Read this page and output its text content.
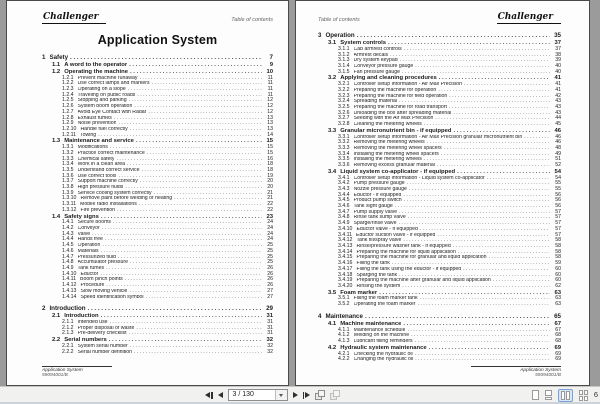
Challenger	Table of contents
Application System
1 Safety . . .	7
1.1 A word to the operator . . .	9
1.2 Operating the machine . . .	10
1.2.1 Prevent machine runaway . . .	11
1.2.2 Use correct lamps and markers . . .	11
1.2.3 Operating on a slope . . .	11
1.2.4 Traveling on public roads . . .	11
1.2.5 Stopping and parking . . .	12
1.2.6 System boom operation . . .	12
1.2.7 Avoid Eye Contact with Radar . . .	12
1.2.8 Exhaust fumes . . .	13
1.2.9 Noise prevention . . .	13
1.2.10 Handle fuel correctly . . .	13
1.2.11 Towing . . .	14
1.3 Maintenance and service . . .	15
1.3.1 Modifications . . .	15
1.3.2 Practice correct maintenance . . .	15
1.3.3 Chemical safety . . .	16
1.3.4 Work in a clean area . . .	18
1.3.5 Understand correct service . . .	18
1.3.6 Use correct tools . . .	19
1.3.7 Support machine correctly . . .	20
1.3.8 High pressure fluids . . .	20
1.3.9 Service cooling system correctly . . .	21
1.3.10 Remove paint before welding or heating . . .	21
1.3.11 Mobile radio installations . . .	22
1.3.12 Fire prevention . . .	22
1.4 Safety signs . . .	23
1.4.1 Secure booms . . .	24
1.4.2 Conveyor . . .	24
1.4.3 Valve . . .	24
1.4.4 Hands free . . .	24
1.4.5 Operation . . .	25
1.4.6 Materials . . .	25
1.4.7 Pressurized fluid . . .	25
1.4.8 Accumulator pressure . . .	25
1.4.9 Tank fumes . . .	26
1.4.10 Eductor . . .	26
1.4.11 Boom pinch points . . .	26
1.4.12 Procedure . . .	26
1.4.13 Slow moving vehicle . . .	27
1.4.14 Speed identification symbol . . .	27
2 Introduction . . .	29
2.1 Introduction . . .	31
2.1.1 Intended use . . .	31
2.1.2 Proper disposal of waste . . .	31
2.1.3 Pre-delivery checklist . . .	31
2.2 Serial numbers . . .	32
2.2.1 System serial number . . .	32
2.2.2 Serial number definition . . .	32
Application System
59094001/B
Table of contents	Challenger
3 Operation . . .	35
3.1 System controls . . .	37
3.1.1 Cab armrest controls . . .	37
3.1.2 Armrest decals . . .	38
3.1.3 Dry system keypad . . .	39
3.1.4 Conveyor pressure gauge . . .	40
3.1.5 Fan pressure gauge . . .	40
3.2 Applying and cleaning procedures . . .	41
3.2.1 Controller setup information - Air Max Precision . . .	41
3.2.2 Preparing the machine for operation . . .	41
3.2.3 Preparing the machine for field operation . . .	42
3.2.4 Spreading material . . .	43
3.2.5 Preparing the machine for road transport . . .	43
3.2.6 Unloading the box after spreading material . . .	43
3.2.7 Seeding with the Air Max Precision . . .	44
3.2.8 Cleaning the metering wheels . . .	45
3.3 Granular micronutrient bin - if equipped . . .	46
3.3.1 Controller setup information - Air Max Precision granular micronutrient bin . . .	46
3.3.2 Removing the metering wheels . . .	46
3.3.3 Removing the metering wheel spacers . . .	48
3.3.4 Installing the metering wheel spacers . . .	49
3.3.5 Installing the metering wheels . . .	51
3.3.6 Removing excess granular material . . .	52
3.4 Liquid system co-applicator - if equipped . . .	54
3.4.1 Controller setup information - Liquid system co-applicator . . .	54
3.4.2 Pump pressure gauge . . .	55
3.4.3 Nozzle pressure gauge . . .	55
3.4.4 Eductor - if equipped . . .	56
3.4.5 Product pump switch . . .	56
3.4.6 Tank sight gauge . . .	56
3.4.7 Pump supply valve . . .	57
3.4.8 Rinse tank sump valve . . .	57
3.4.9 Sparge/rinse valve . . .	57
3.4.10 Eductor valve - if equipped . . .	57
3.4.11 Eductor suction valve - if equipped . . .	57
3.4.12 Tank fill/spray valve . . .	58
3.4.13 Rinse/pressure washer tank - if equipped . . .	58
3.4.14 Preparing the machine for liquid application . . .	58
3.4.15 Preparing the machine for granular and liquid application . . .	58
3.4.16 Filling the tank . . .	59
3.4.17 Filling the tank using the eductor - if equipped . . .	60
3.4.18 Sparging the tank . . .	60
3.4.19 Preparing the machine after granular and liquid application . . .	60
3.4.20 Rinsing the system . . .	62
3.5 Foam marker . . .	63
3.5.1 Filling the foam marker tank . . .	63
3.5.2 Operating the foam marker . . .	63
4 Maintenance . . .	65
4.1 Machine maintenance . . .	67
4.1.1 Maintenance schedule . . .	67
4.1.2 Welding on the machine . . .	68
4.1.3 Lubricant filling reminders . . .	68
4.2 Hydraulic system maintenance . . .	69
4.2.1 Checking the hydraulic oil . . .	69
4.2.2 Changing the hydraulic oil . . .	69
Application System
59094001/B
3 / 130	6
